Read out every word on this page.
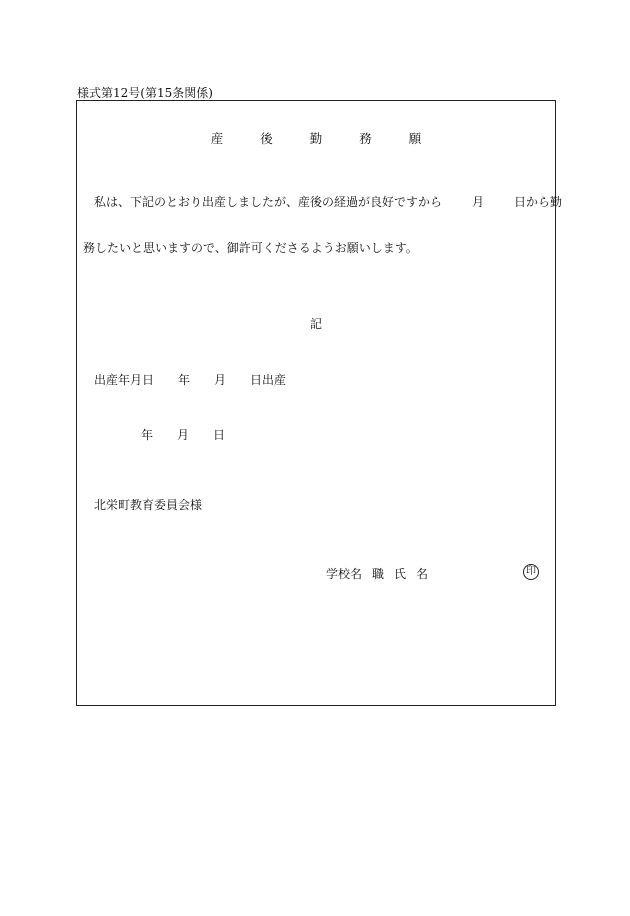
様式第12号(第15条関係)
産	後	勤	務	願
私は、下記のとおり出産しましたが、産後の経過が良好ですから	月	日から勤
務したいと思いますので、御許可くださるようお願いします。
記
出産年月日 年 月 日出産
年 月 日
北栄町教育委員会様
学校名 職 氏 名	印
